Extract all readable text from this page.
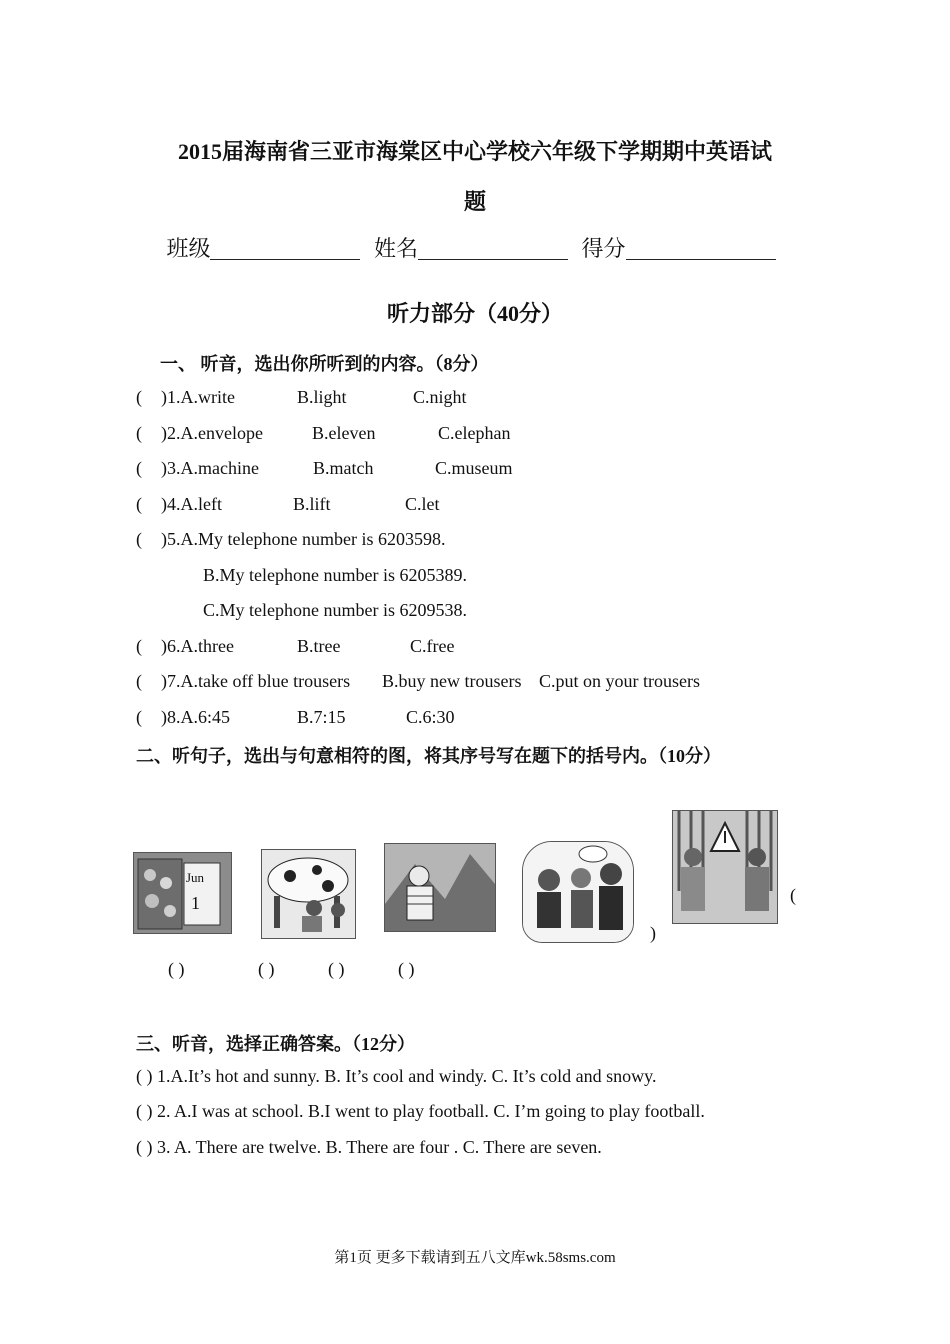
2015届海南省三亚市海棠区中心学校六年级下学期期中英语试
题
班级	姓名	得分
听力部分（40分）
一、 听音，选出你所听到的内容。（8分）
( )1.A.write	B.light	C.night
( )2.A.envelope	B.eleven	C.elephan
( )3.A.machine	B.match	C.museum
( )4.A.left	B.lift	C.let
( )5.A.My telephone number is 6203598.
B.My telephone number is 6205389.
C.My telephone number is 6209538.
( )6.A.three	B.tree	C.free
( )7.A.take off blue trousers B.buy new trousers C.put on your trousers
( )8.A.6:45	B.7:15	C.6:30
二、听句子，选出与句意相符的图，将其序号写在题下的括号内。（10分）
Jun
1	(
)
( )	( )	( )	( )
三、听音，选择正确答案。（12分）
( ) 1.A.It’s hot and sunny. B. It’s cool and windy. C. It’s cold and snowy.
( ) 2. A.I was at school. B.I went to play football. C. I’m going to play football.
( ) 3. A. There are twelve. B. There are four . C. There are seven.
第1页 更多下载请到五八文库wk.58sms.com
